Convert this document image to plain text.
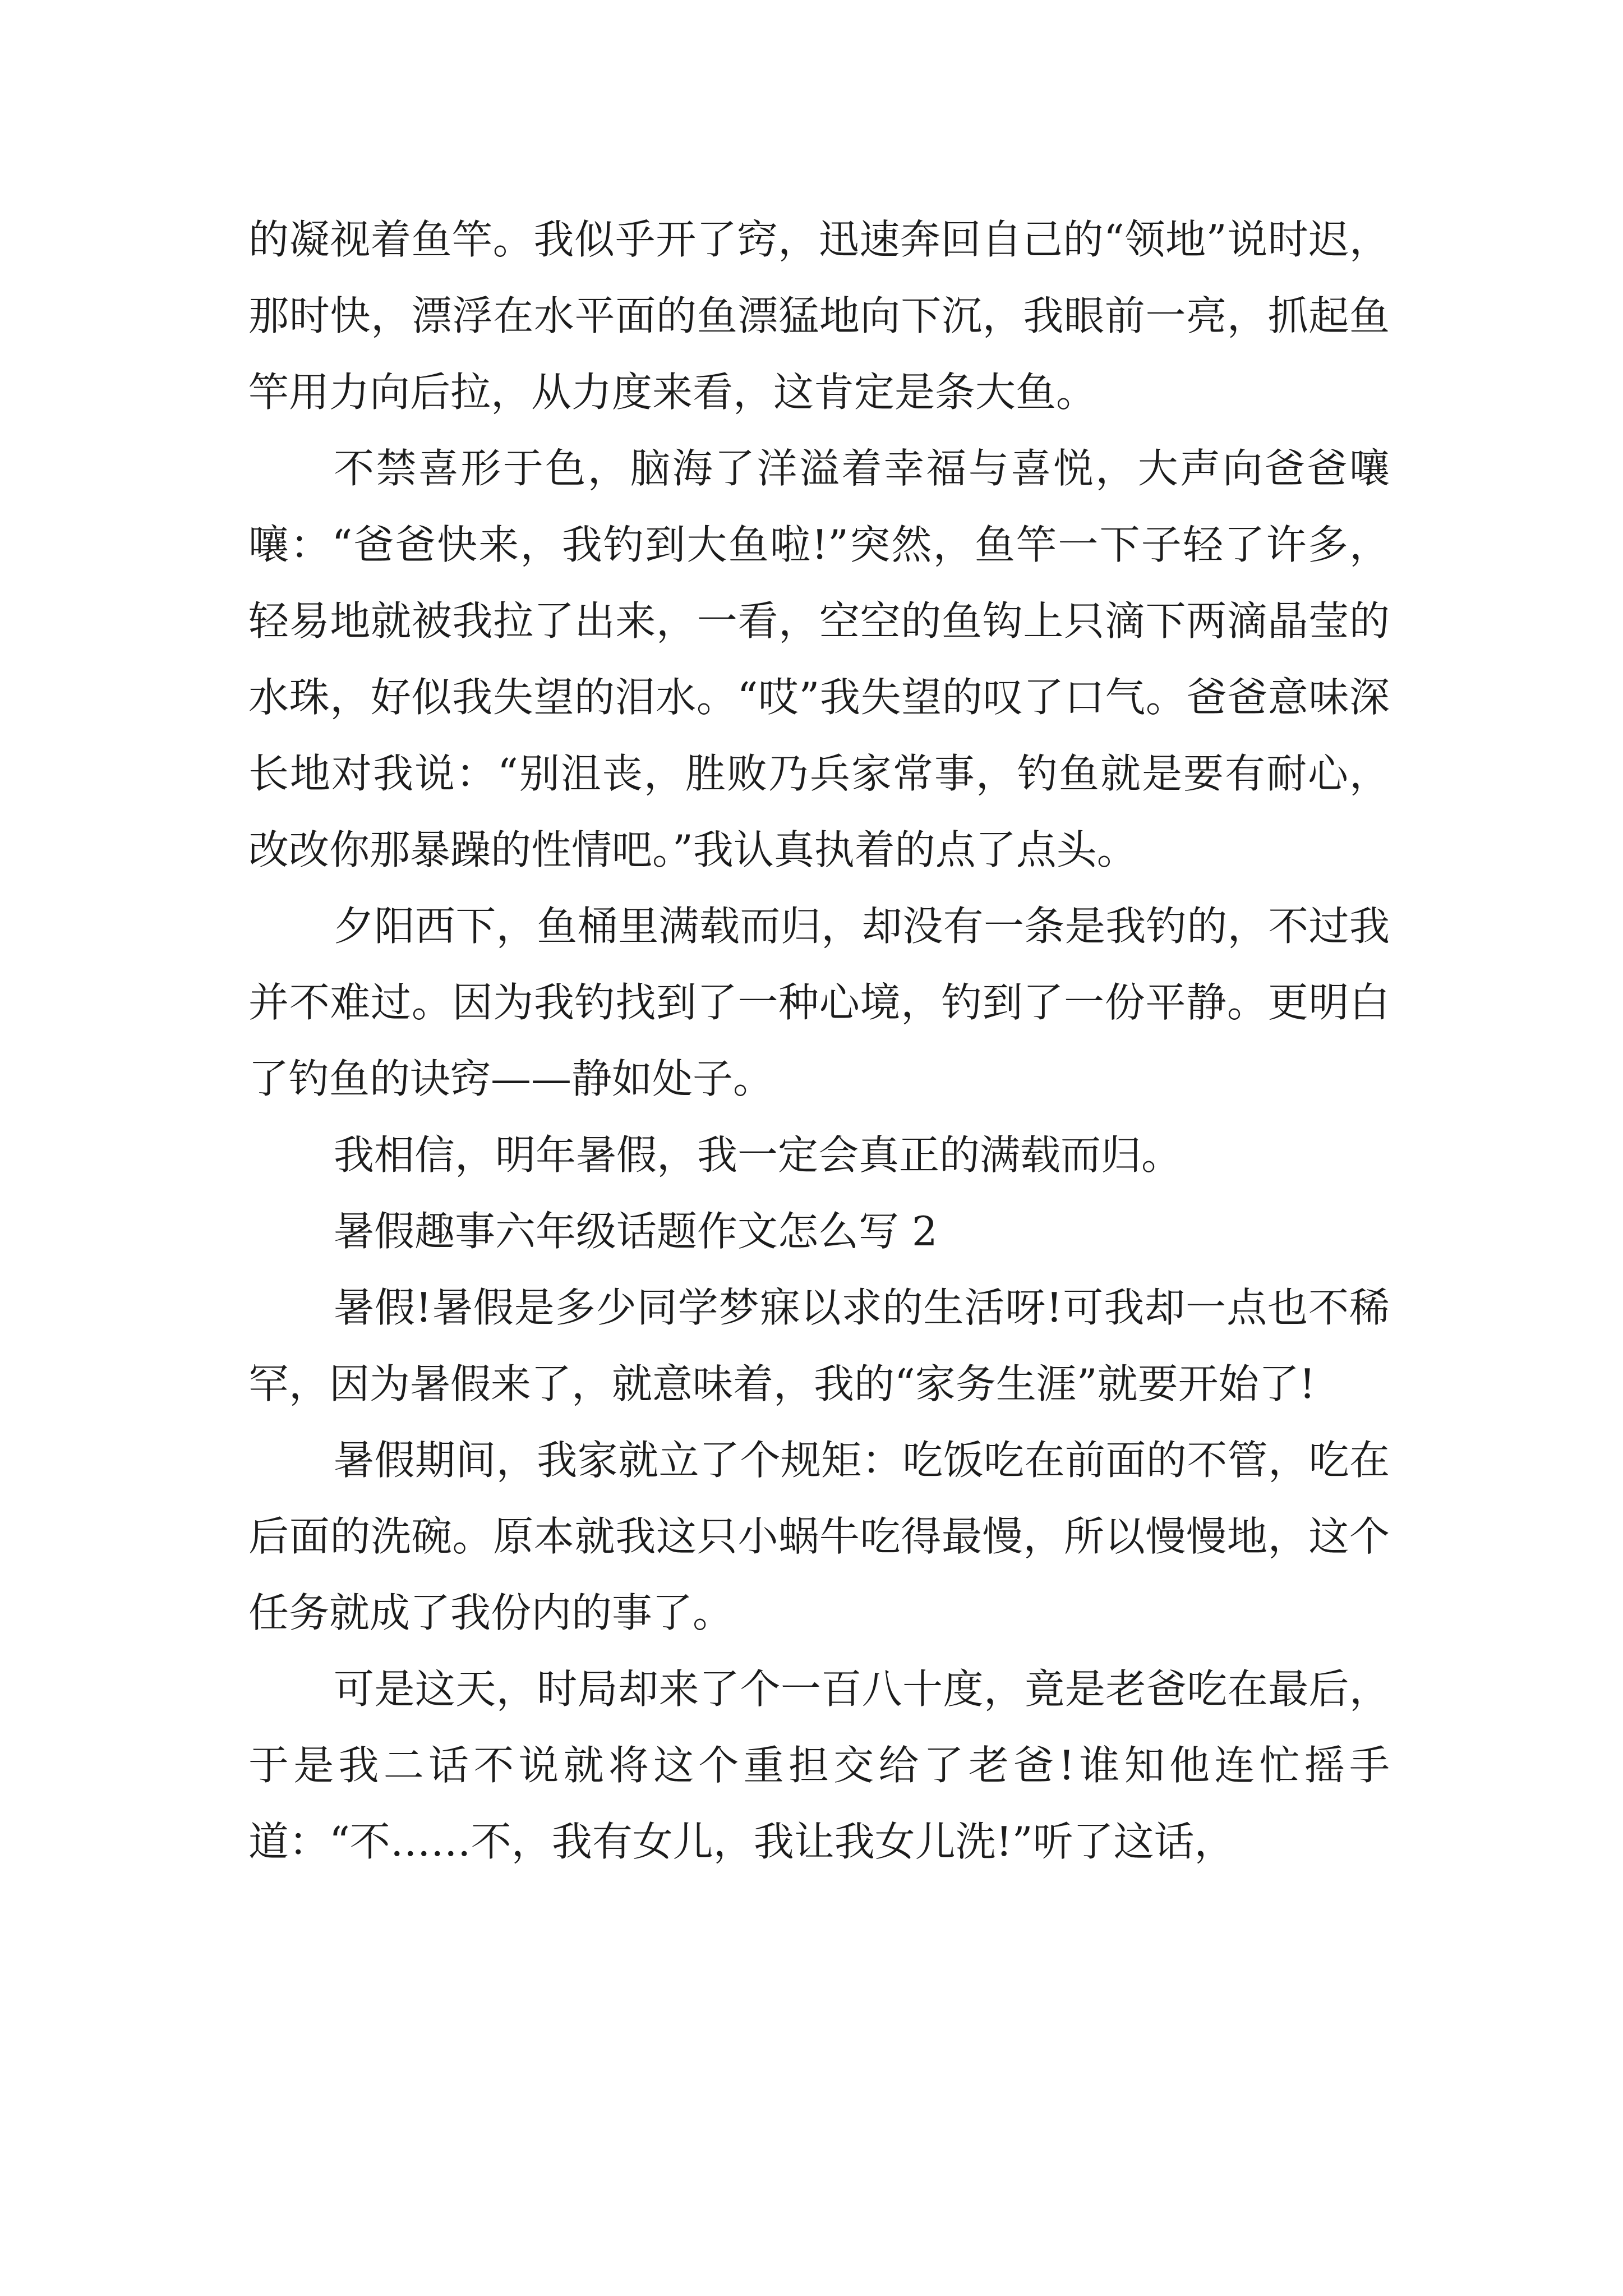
的凝视着鱼竿。我似乎开了窍，迅速奔回自己的“领地”说时迟，那时快，漂浮在水平面的鱼漂猛地向下沉，我眼前一亮，抓起鱼竿用力向后拉，从力度来看，这肯定是条大鱼。

不禁喜形于色，脑海了洋溢着幸福与喜悦，大声向爸爸嚷嚷：“爸爸快来，我钓到大鱼啦!”突然，鱼竿一下子轻了许多，轻易地就被我拉了出来，一看，空空的鱼钩上只滴下两滴晶莹的水珠，好似我失望的泪水。“哎”我失望的叹了口气。爸爸意味深长地对我说：“别沮丧，胜败乃兵家常事，钓鱼就是要有耐心，改改你那暴躁的性情吧。”我认真执着的点了点头。

夕阳西下，鱼桶里满载而归，却没有一条是我钓的，不过我并不难过。因为我钓找到了一种心境，钓到了一份平静。更明白了钓鱼的诀窍——静如处子。

我相信，明年暑假，我一定会真正的满载而归。

暑假趣事六年级话题作文怎么写 2

暑假!暑假是多少同学梦寐以求的生活呀!可我却一点也不稀罕，因为暑假来了，就意味着，我的“家务生涯”就要开始了!

暑假期间，我家就立了个规矩：吃饭吃在前面的不管，吃在后面的洗碗。原本就我这只小蜗牛吃得最慢，所以慢慢地，这个任务就成了我份内的事了。

可是这天，时局却来了个一百八十度，竟是老爸吃在最后，于是我二话不说就将这个重担交给了老爸!谁知他连忙摇手道：“不……不，我有女儿，我让我女儿洗!”听了这话，
